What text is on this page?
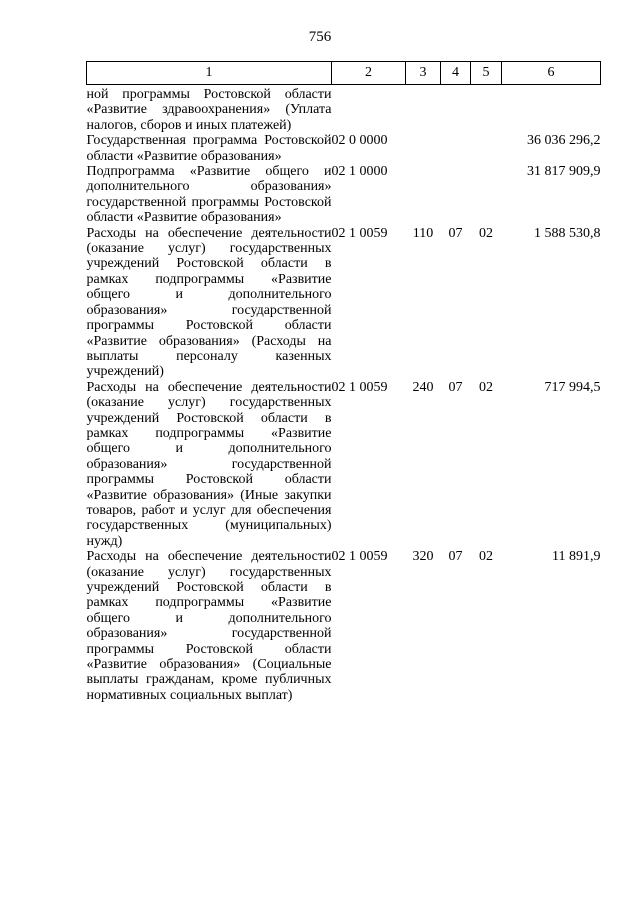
756
1	2	3	4	5	6

ной программы Ростовской области «Развитие здравоохранения» (Уплата налогов, сборов и иных платежей)					

Государственная программа Ростовской области «Развитие образования»	02 0 0000				36 036 296,2

Подпрограмма «Развитие общего и дополнительного образования» государственной программы Ростовской области «Развитие образования»	02 1 0000				31 817 909,9

Расходы на обеспечение деятельности (оказание услуг) государственных учреждений Ростовской области в рамках подпрограммы «Развитие общего и дополнительного образования» государственной программы Ростовской области «Развитие образования» (Расходы на выплаты персоналу казенных учреждений)	02 1 0059	110	07	02	1 588 530,8

Расходы на обеспечение деятельности (оказание услуг) государственных учреждений Ростовской области в рамках подпрограммы «Развитие общего и дополнительного образования» государственной программы Ростовской области «Развитие образования» (Иные закупки товаров, работ и услуг для обеспечения государственных (муниципальных) нужд)	02 1 0059	240	07	02	717 994,5

Расходы на обеспечение деятельности (оказание услуг) государственных учреждений Ростовской области в рамках подпрограммы «Развитие общего и дополнительного образования» государственной программы Ростовской области «Развитие образования» (Социальные выплаты гражданам, кроме публичных нормативных социальных выплат)	02 1 0059	320	07	02	11 891,9
